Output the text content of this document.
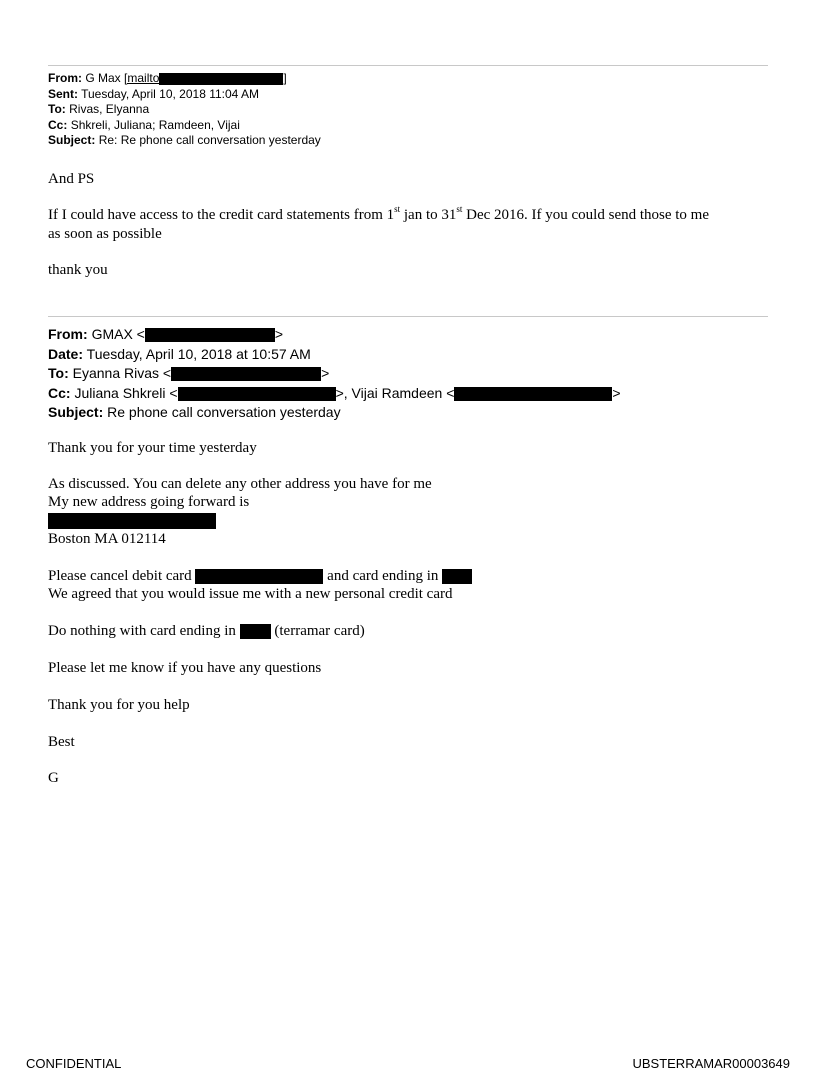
From: G Max [mailto	]
Sent: Tuesday, April 10, 2018 11:04 AM
To: Rivas, Elyanna
Cc: Shkreli, Juliana; Ramdeen, Vijai
Subject: Re: Re phone call conversation yesterday
And PS
If I could have access to the credit card statements from 1st jan to 31st Dec 2016. If you could send those to me
as soon as possible
thank you
From: GMAX <	>
Date: Tuesday, April 10, 2018 at 10:57 AM
To: Eyanna Rivas <	>
Cc: Juliana Shkreli <	>, Vijai Ramdeen <	>
Subject: Re phone call conversation yesterday
Thank you for your time yesterday
As discussed. You can delete any other address you have for me
My new address going forward is
Boston MA 012114
Please cancel debit card	and card ending in
We agreed that you would issue me with a new personal credit card
Do nothing with card ending in  (terramar card)
Please let me know if you have any questions
Thank you for you help
Best
G
CONFIDENTIAL	UBSTERRAMAR00003649
